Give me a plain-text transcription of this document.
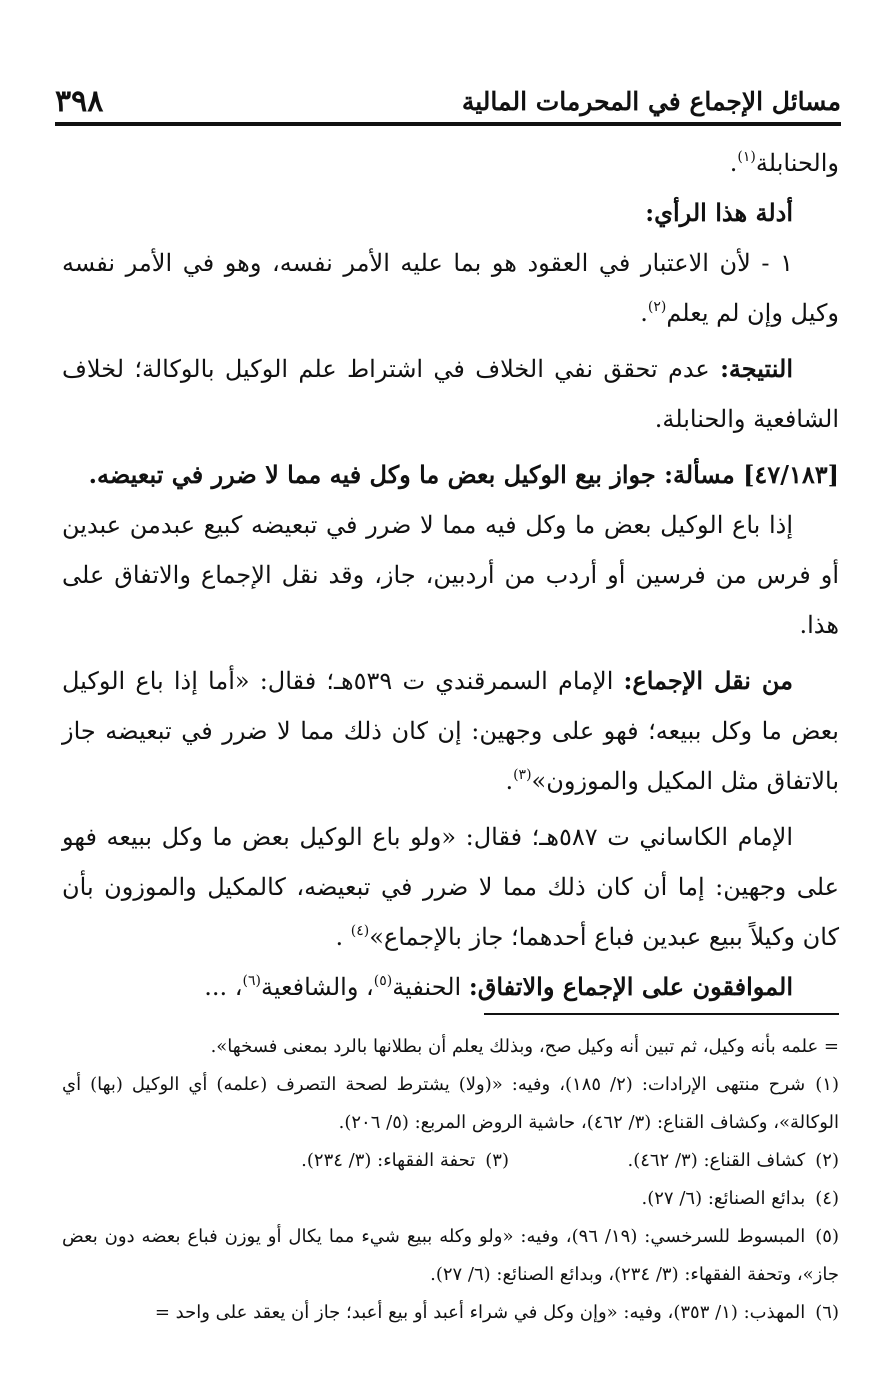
مسائل الإجماع في المحرمات المالية
٣٩٨

والحنابلة$^{(١)}$.

أدلة هذا الرأي:

١ - لأن الاعتبار في العقود هو بما عليه الأمر نفسه، وهو في الأمر نفسه وكيل وإن لم يعلم$^{(٢)}$.

النتيجة: عدم تحقق نفي الخلاف في اشتراط علم الوكيل بالوكالة؛ لخلاف الشافعية والحنابلة.

[٤٧/١٨٣] مسألة: جواز بيع الوكيل بعض ما وكل فيه مما لا ضرر في تبعيضه.

إذا باع الوكيل بعض ما وكل فيه مما لا ضرر في تبعيضه كبيع عبدمن عبدين أو فرس من فرسين أو أردب من أردبين، جاز، وقد نقل الإجماع والاتفاق على هذا.

من نقل الإجماع: الإمام السمرقندي ت ٥٣٩هـ؛ فقال: «أما إذا باع الوكيل بعض ما وكل ببيعه؛ فهو على وجهين: إن كان ذلك مما لا ضرر في تبعيضه جاز بالاتفاق مثل المكيل والموزون»$^{(٣)}$.

الإمام الكاساني ت ٥٨٧هـ؛ فقال: «ولو باع الوكيل بعض ما وكل ببيعه فهو على وجهين: إما أن كان ذلك مما لا ضرر في تبعيضه، كالمكيل والموزون بأن كان وكيلاً ببيع عبدين فباع أحدهما؛ جاز بالإجماع»$^{(٤)}$ .

الموافقون على الإجماع والاتفاق: الحنفية$^{(٥)}$، والشافعية$^{(٦)}$، ...

= علمه بأنه وكيل، ثم تبين أنه وكيل صح، وبذلك يعلم أن بطلانها بالرد بمعنى فسخها».

(١)شرح منتهى الإرادات: (٢/ ١٨٥)، وفيه: «(ولا) يشترط لصحة التصرف (علمه) أي الوكيل (بها) أي الوكالة»، وكشاف القناع: (٣/ ٤٦٢)، حاشية الروض المربع: (٥/ ٢٠٦).

(٢)كشاف القناع: (٣/ ٤٦٢).
(٣)تحفة الفقهاء: (٣/ ٢٣٤).

(٤)بدائع الصنائع: (٦/ ٢٧).

(٥)المبسوط للسرخسي: (١٩/ ٩٦)، وفيه: «ولو وكله ببيع شيء مما يكال أو يوزن فباع بعضه دون بعض جاز»، وتحفة الفقهاء: (٣/ ٢٣٤)، وبدائع الصنائع: (٦/ ٢٧).

(٦)المهذب: (١/ ٣٥٣)، وفيه: «وإن وكل في شراء أعبد أو بيع أعبد؛ جاز أن يعقد على واحد =
